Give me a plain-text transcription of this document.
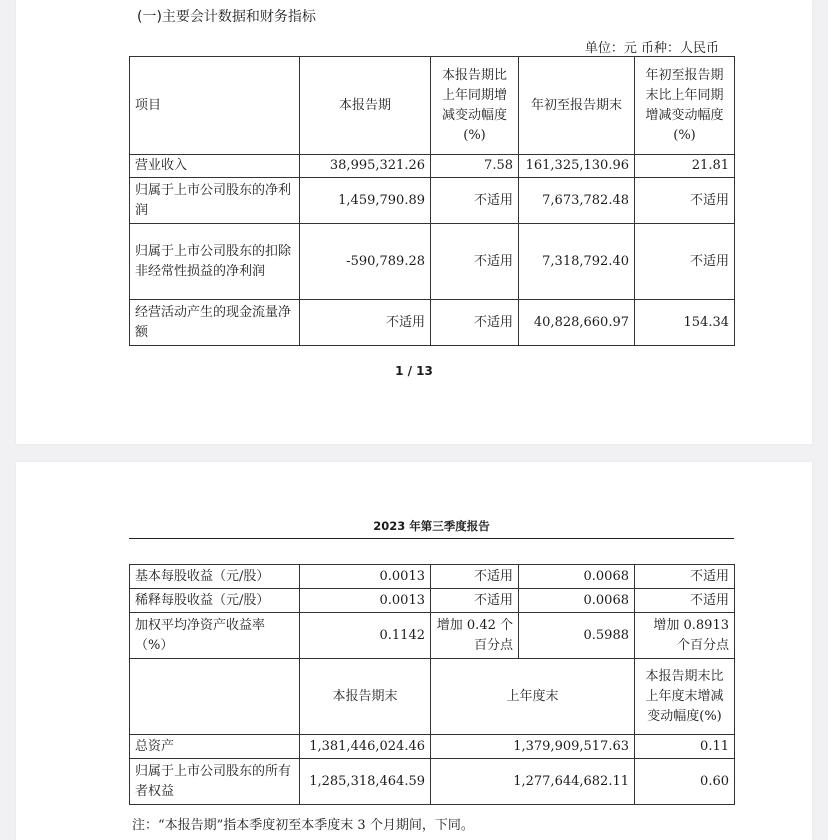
(一)主要会计数据和财务指标
单位：元 币种：人民币
项目	本报告期	本报告期比上年同期增减变动幅度(%)	年初至报告期末	年初至报告期末比上年同期增减变动幅度(%)
营业收入	38,995,321.26	7.58	161,325,130.96	21.81
归属于上市公司股东的净利润	1,459,790.89	不适用	7,673,782.48	不适用
归属于上市公司股东的扣除非经常性损益的净利润	-590,789.28	不适用	7,318,792.40	不适用
经营活动产生的现金流量净额	不适用	不适用	40,828,660.97	154.34
1 / 13
2023 年第三季度报告
基本每股收益（元/股）	0.0013	不适用	0.0068	不适用
稀释每股收益（元/股）	0.0013	不适用	0.0068	不适用
加权平均净资产收益率（%）	0.1142	增加 0.42 个百分点	0.5988	增加 0.8913 个百分点
	本报告期末	上年度末		本报告期末比上年度末增减变动幅度(%)
总资产	1,381,446,024.46	1,379,909,517.63		0.11
归属于上市公司股东的所有者权益	1,285,318,464.59	1,277,644,682.11		0.60
注：“本报告期”指本季度初至本季度末 3 个月期间，下同。
